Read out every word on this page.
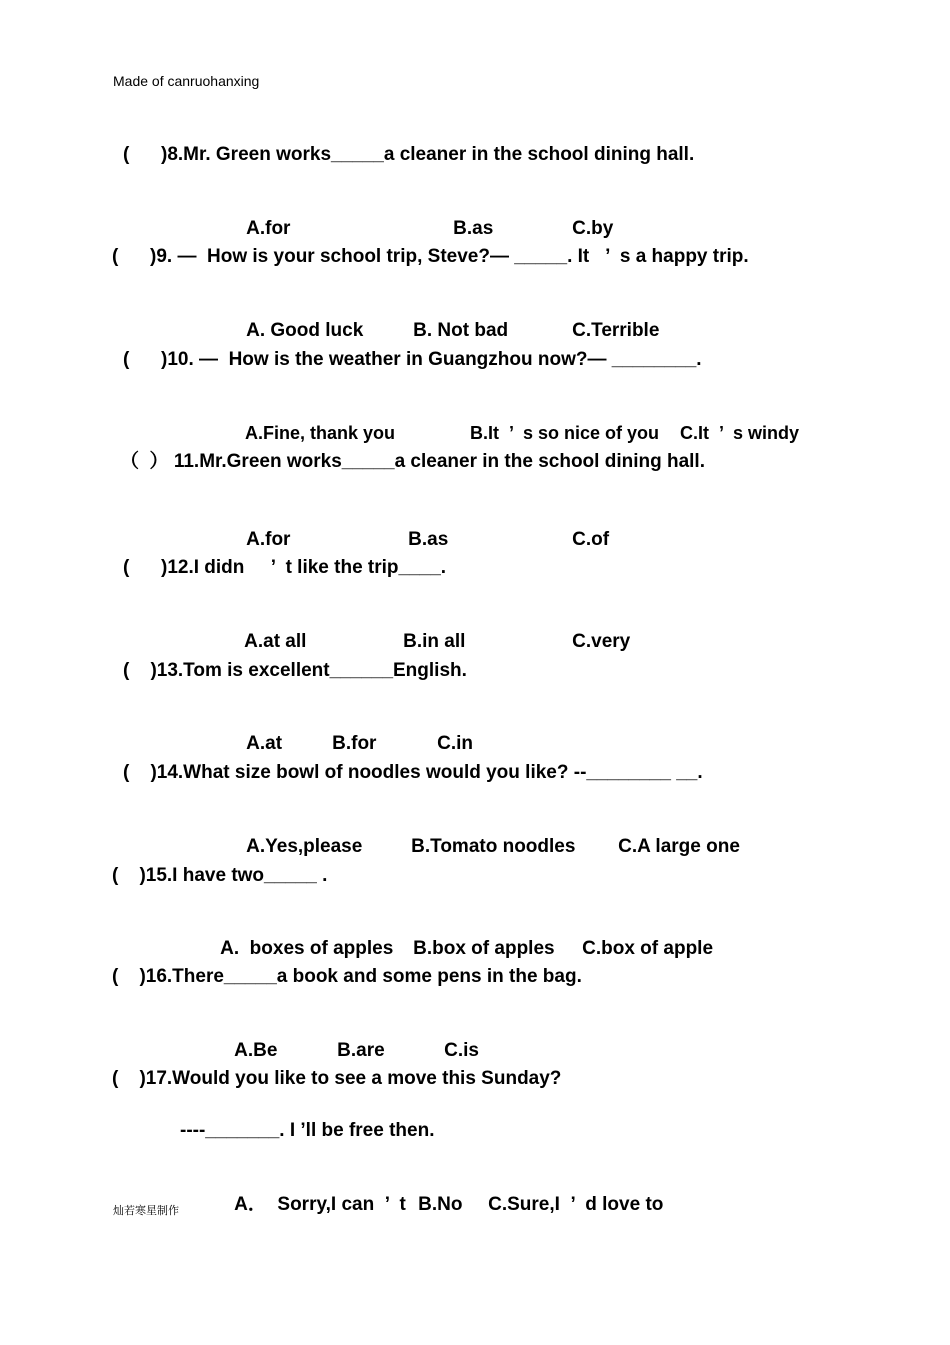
Made of canruohanxing
(      )8.Mr. Green works_____a cleaner in the school dining hall.

A.for	B.as	C.by

(      )9. —  How is your school trip, Steve?— _____. It   ’  s a happy trip.

A. Good luck	B. Not bad	C.Terrible

(      )10. —  How is the weather in Guangzhou now?— ________.

A.Fine, thank you	B.It  ’  s so nice of you C.It  ’  s windy

（  ） 11.Mr.Green works_____a cleaner in the school dining hall.

A.for	B.as	C.of

(      )12.I didn     ’  t like the trip____.

A.at all	B.in all	C.very

(    )13.Tom is excellent______English.

A.at	B.for	C.in

(    )14.What size bowl of noodles would you like? --________ __.

A.Yes,please	B.Tomato noodles C.A large one

(    )15.I have two_____ .

A.  boxes of apples B.box of apples C.box of apple

(    )16.There_____a book and some pens in the bag.

A.Be	B.are	C.is

(    )17.Would you like to see a move this Sunday?
----_______. I ’ll be free then.

A．  Sorry,I can  ’  t B.No C.Sure,I  ’  d love to

灿若寒星制作
